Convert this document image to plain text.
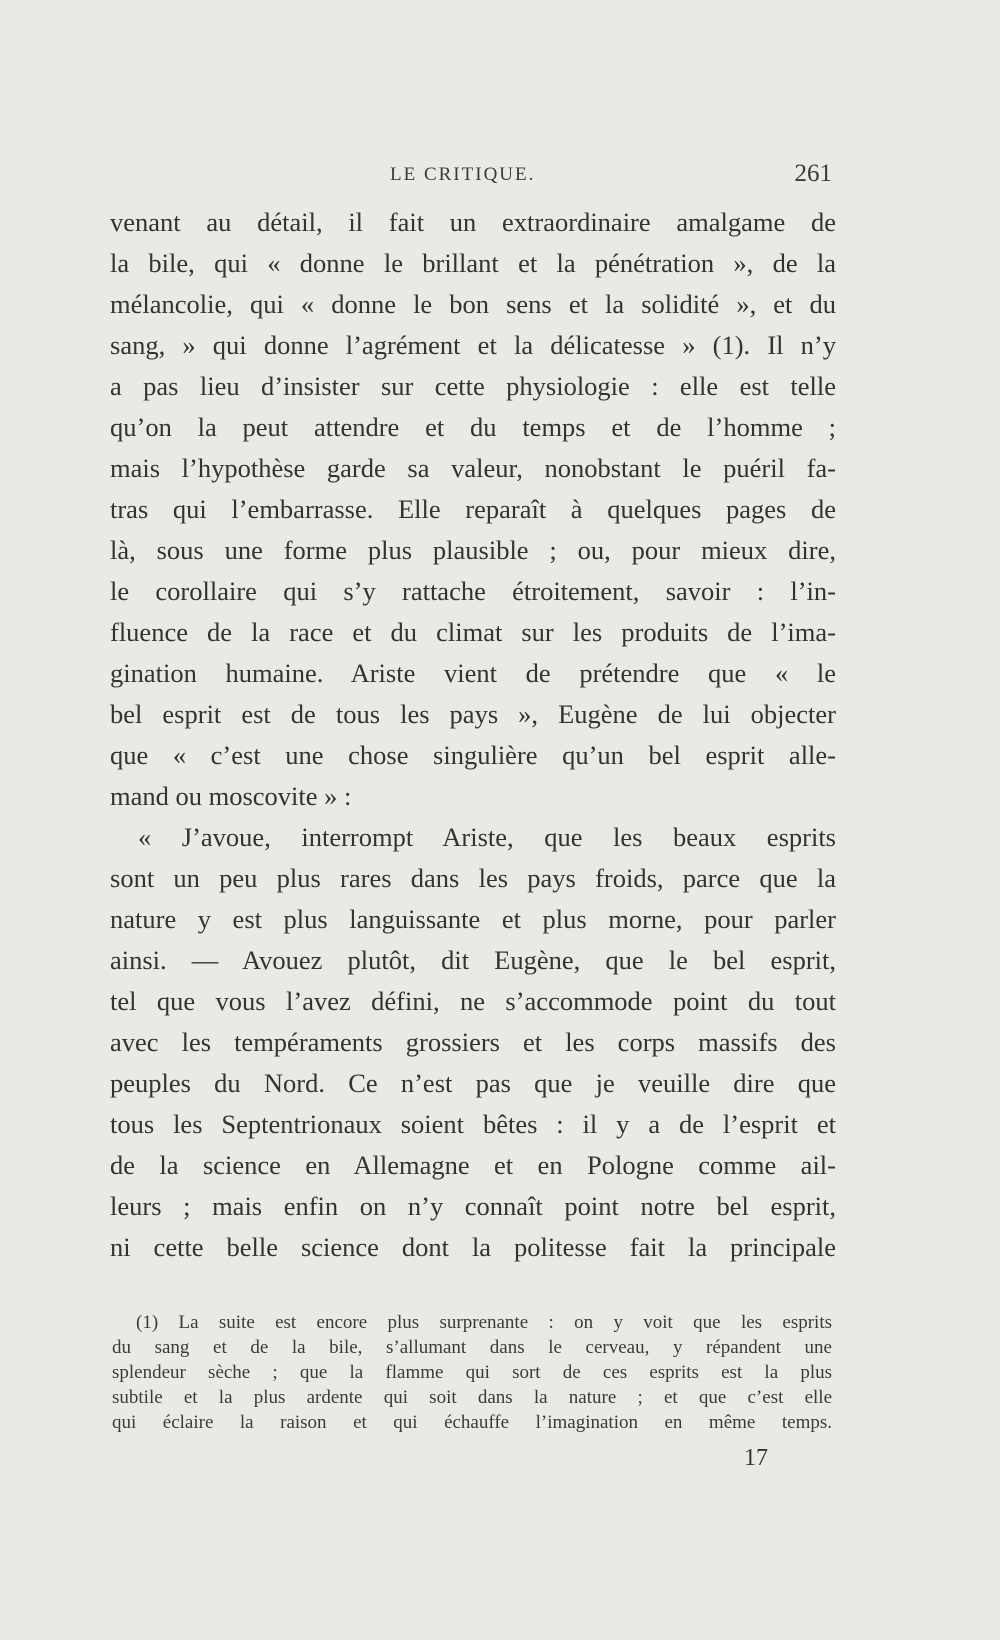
LE CRITIQUE.	261
venant au détail, il fait un extraordinaire amalgame de
la bile, qui « donne le brillant et la pénétration », de la
mélancolie, qui « donne le bon sens et la solidité », et du
sang, » qui donne l’agrément et la délicatesse » (1). Il n’y
a pas lieu d’insister sur cette physiologie : elle est telle
qu’on la peut attendre et du temps et de l’homme ;
mais l’hypothèse garde sa valeur, nonobstant le puéril fa-
tras qui l’embarrasse. Elle reparaît à quelques pages de
là, sous une forme plus plausible ; ou, pour mieux dire,
le corollaire qui s’y rattache étroitement, savoir : l’in-
fluence de la race et du climat sur les produits de l’ima-
gination humaine. Ariste vient de prétendre que « le
bel esprit est de tous les pays », Eugène de lui objecter
que « c’est une chose singulière qu’un bel esprit alle-
mand ou moscovite » :
« J’avoue, interrompt Ariste, que les beaux esprits
sont un peu plus rares dans les pays froids, parce que la
nature y est plus languissante et plus morne, pour parler
ainsi. — Avouez plutôt, dit Eugène, que le bel esprit,
tel que vous l’avez défini, ne s’accommode point du tout
avec les tempéraments grossiers et les corps massifs des
peuples du Nord. Ce n’est pas que je veuille dire que
tous les Septentrionaux soient bêtes : il y a de l’esprit et
de la science en Allemagne et en Pologne comme ail-
leurs ; mais enfin on n’y connaît point notre bel esprit,
ni cette belle science dont la politesse fait la principale
(1) La suite est encore plus surprenante : on y voit que les esprits
du sang et de la bile, s’allumant dans le cerveau, y répandent une
splendeur sèche ; que la flamme qui sort de ces esprits est la plus
subtile et la plus ardente qui soit dans la nature ; et que c’est elle
qui éclaire la raison et qui échauffe l’imagination en même temps.
17
